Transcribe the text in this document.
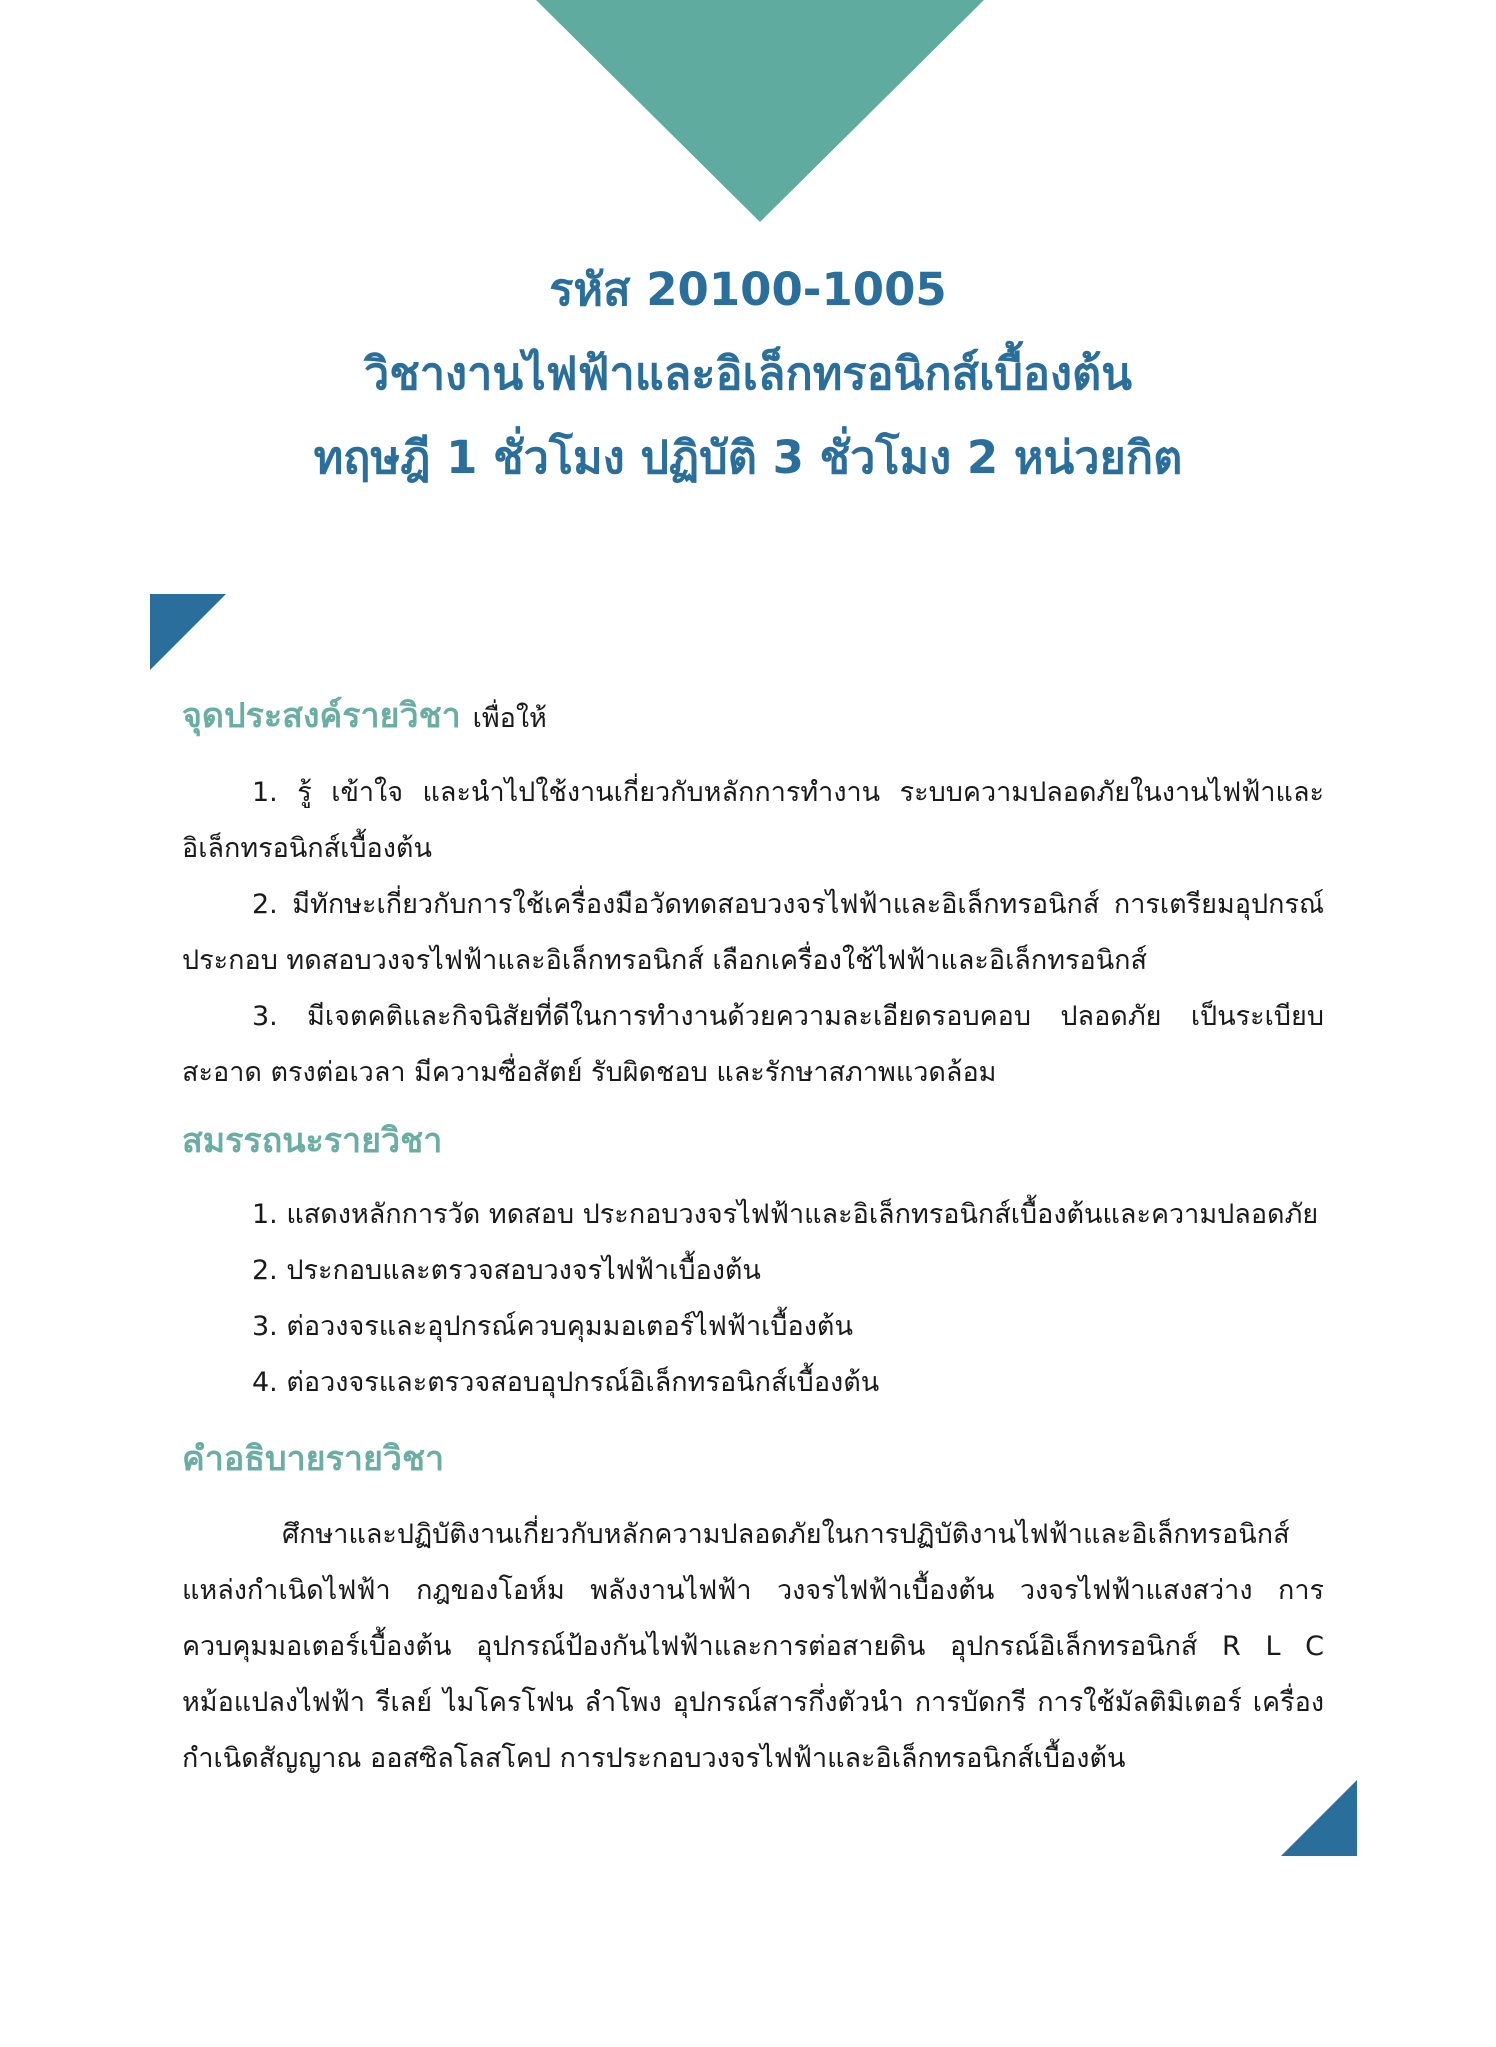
รหัส 20100-1005
วิชางานไฟฟ้าและอิเล็กทรอนิกส์เบื้องต้น
ทฤษฎี 1 ชั่วโมง ปฏิบัติ 3 ชั่วโมง 2 หน่วยกิต
จุดประสงค์รายวิชา เพื่อให้

1. รู้ เข้าใจ และนำไปใช้งานเกี่ยวกับหลักการทำงาน ระบบความปลอดภัยในงานไฟฟ้าและอิเล็กทรอนิกส์เบื้องต้น

2. มีทักษะเกี่ยวกับการใช้เครื่องมือวัดทดสอบวงจรไฟฟ้าและอิเล็กทรอนิกส์ การเตรียมอุปกรณ์ประกอบ ทดสอบวงจรไฟฟ้าและอิเล็กทรอนิกส์ เลือกเครื่องใช้ไฟฟ้าและอิเล็กทรอนิกส์

3. มีเจตคติและกิจนิสัยที่ดีในการทำงานด้วยความละเอียดรอบคอบ ปลอดภัย เป็นระเบียบ สะอาด ตรงต่อเวลา มีความซื่อสัตย์ รับผิดชอบ และรักษาสภาพแวดล้อม

สมรรถนะรายวิชา
1. แสดงหลักการวัด ทดสอบ ประกอบวงจรไฟฟ้าและอิเล็กทรอนิกส์เบื้องต้นและความปลอดภัย
2. ประกอบและตรวจสอบวงจรไฟฟ้าเบื้องต้น
3. ต่อวงจรและอุปกรณ์ควบคุมมอเตอร์ไฟฟ้าเบื้องต้น
4. ต่อวงจรและตรวจสอบอุปกรณ์อิเล็กทรอนิกส์เบื้องต้น
คำอธิบายรายวิชา

ศึกษาและปฏิบัติงานเกี่ยวกับหลักความปลอดภัยในการปฏิบัติงานไฟฟ้าและอิเล็กทรอนิกส์ แหล่งกำเนิดไฟฟ้า กฎของโอห์ม พลังงานไฟฟ้า วงจรไฟฟ้าเบื้องต้น วงจรไฟฟ้าแสงสว่าง การควบคุมมอเตอร์เบื้องต้น อุปกรณ์ป้องกันไฟฟ้าและการต่อสายดิน อุปกรณ์อิเล็กทรอนิกส์ R L C หม้อแปลงไฟฟ้า รีเลย์ ไมโครโฟน ลำโพง อุปกรณ์สารกึ่งตัวนำ การบัดกรี การใช้มัลติมิเตอร์ เครื่องกำเนิดสัญญาณ ออสซิลโลสโคป การประกอบวงจรไฟฟ้าและอิเล็กทรอนิกส์เบื้องต้น
